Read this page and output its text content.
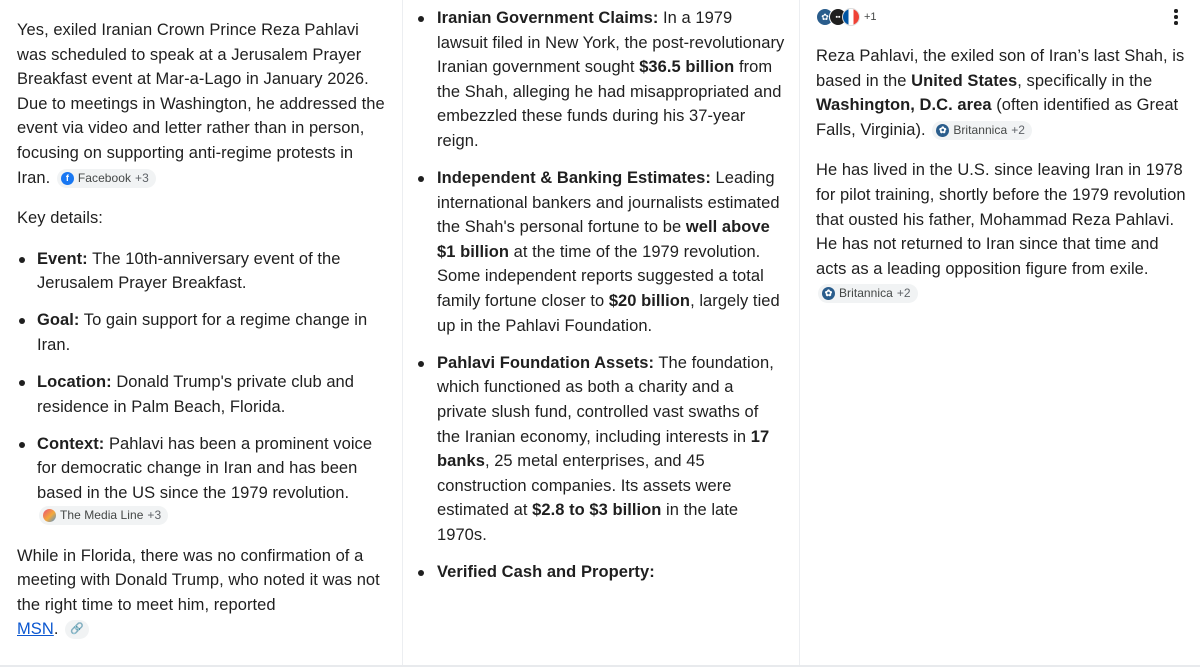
Yes, exiled Iranian Crown Prince Reza Pahlavi was scheduled to speak at a Jerusalem Prayer Breakfast event at Mar-a-Lago in January 2026. Due to meetings in Washington, he addressed the event via video and letter rather than in person, focusing on supporting anti-regime protests in Iran.	f Facebook +3

Key details:

Event: The 10th-anniversary event of the Jerusalem Prayer Breakfast.
Goal: To gain support for a regime change in Iran.
Location: Donald Trump's private club and residence in Palm Beach, Florida.
Context: Pahlavi has been a prominent voice for democratic change in Iran and has been based in the US since the 1979 revolution.
The Media Line +3

While in Florida, there was no confirmation of a meeting with Donald Trump, who noted it was not the right time to meet him, reported
MSN. 🔗

Iranian Government Claims: In a 1979 lawsuit filed in New York, the post-revolutionary Iranian government sought $36.5 billion from the Shah, alleging he had misappropriated and embezzled these funds during his 37-year reign.
Independent & Banking Estimates: Leading international bankers and journalists estimated the Shah's personal fortune to be well above $1 billion at the time of the 1979 revolution. Some independent reports suggested a total family fortune closer to $20 billion, largely tied up in the Pahlavi Foundation.
Pahlavi Foundation Assets: The foundation, which functioned as both a charity and a private slush fund, controlled vast swaths of the Iranian economy, including interests in 17 banks, 25 metal enterprises, and 45 construction companies. Its assets were estimated at $2.8 to $3 billion in the late 1970s.
Verified Cash and Property:
✿ ▪▪	+1

Reza Pahlavi, the exiled son of Iran’s last Shah, is based in the United States, specifically in the Washington, D.C. area (often identified as Great Falls, Virginia).	✿ Britannica +2

He has lived in the U.S. since leaving Iran in 1978 for pilot training, shortly before the 1979 revolution that ousted his father, Mohammad Reza Pahlavi. He has not returned to Iran since that time and acts as a leading opposition figure from exile.
✿ Britannica +2
